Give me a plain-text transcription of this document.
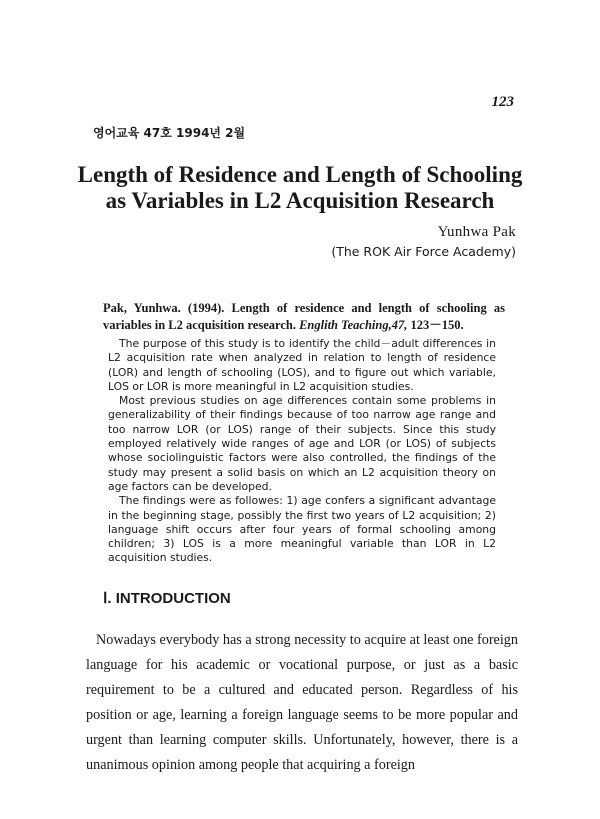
123
영어교육 47호 1994년 2월
Length of Residence and Length of Schooling
as Variables in L2 Acquisition Research
Yunhwa Pak
(The ROK Air Force Academy)
Pak, Yunhwa. (1994). Length of residence and length of schooling as variables in L2 acquisition research. Englith Teaching,47, 123－150.

The purpose of this study is to identify the child－adult differences in L2 acquisition rate when analyzed in relation to length of residence (LOR) and length of schooling (LOS), and to figure out which variable, LOS or LOR is more meaningful in L2 acquisition studies.

Most previous studies on age differences contain some problems in generalizability of their findings because of too narrow age range and too narrow LOR (or LOS) range of their subjects. Since this study employed relatively wide ranges of age and LOR (or LOS) of subjects whose sociolinguistic factors were also controlled, the findings of the study may present a solid basis on which an L2 acquisition theory on age factors can be developed.

The findings were as followes: 1) age confers a significant advantage in the beginning stage, possibly the first two years of L2 acquisition; 2) language shift occurs after four years of formal schooling among children; 3) LOS is a more meaningful variable than LOR in L2 acquisition studies.

Ⅰ. INTRODUCTION

Nowadays everybody has a strong necessity to acquire at least one foreign language for his academic or vocational purpose, or just as a basic requirement to be a cultured and educated person. Regardless of his position or age, learning a foreign language seems to be more popular and urgent than learning computer skills. Unfortunately, however, there is a unanimous opinion among people that acquiring a foreign
